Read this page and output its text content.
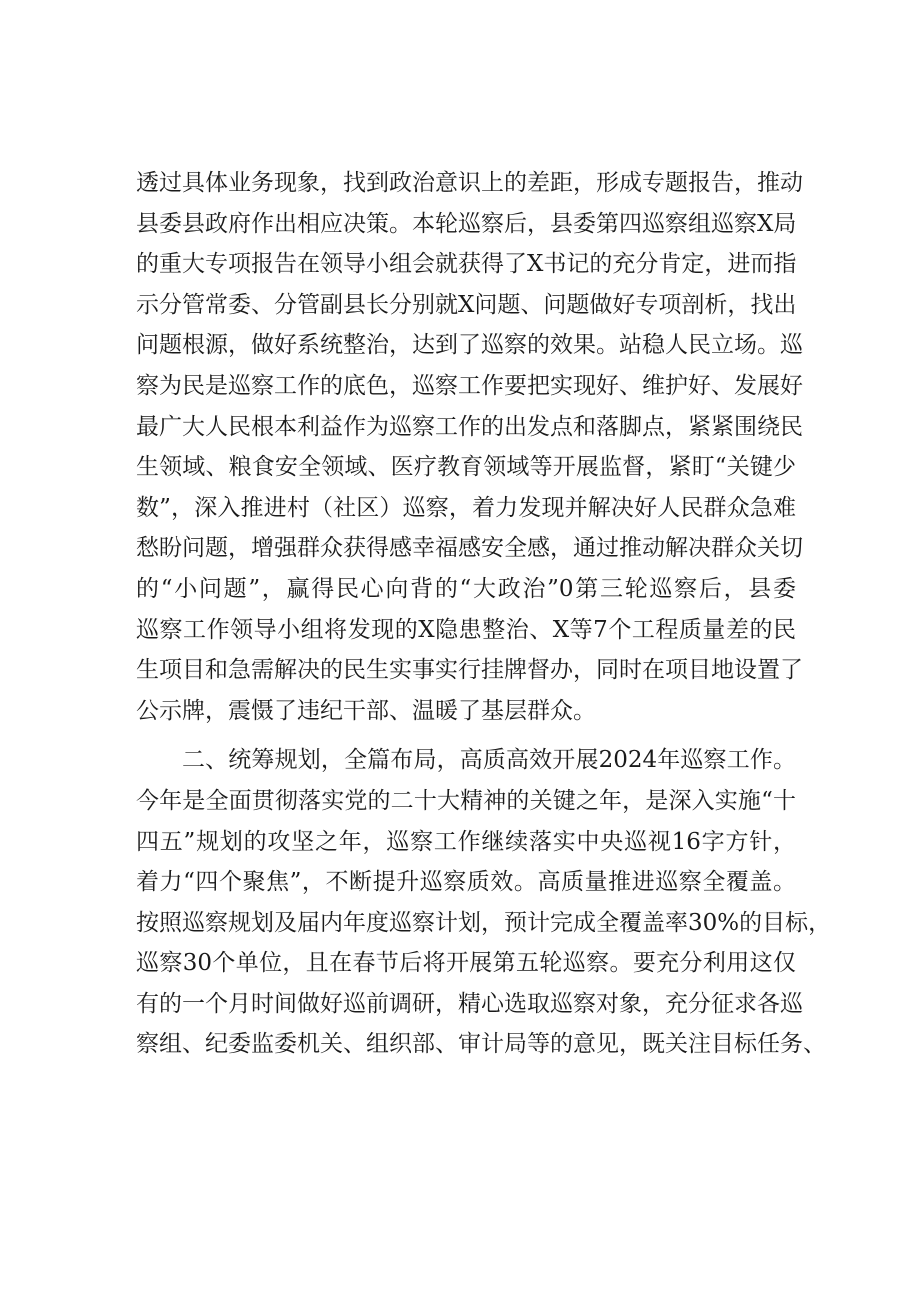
透过具体业务现象，找到政治意识上的差距，形成专题报告，推动
县委县政府作出相应决策。本轮巡察后，县委第四巡察组巡察X局
的重大专项报告在领导小组会就获得了X书记的充分肯定，进而指
示分管常委、分管副县长分别就X问题、问题做好专项剖析，找出
问题根源，做好系统整治，达到了巡察的效果。站稳人民立场。巡
察为民是巡察工作的底色，巡察工作要把实现好、维护好、发展好
最广大人民根本利益作为巡察工作的出发点和落脚点，紧紧围绕民
生领域、粮食安全领域、医疗教育领域等开展监督，紧盯“关键少
数”，深入推进村（社区）巡察，着力发现并解决好人民群众急难
愁盼问题，增强群众获得感幸福感安全感，通过推动解决群众关切
的“小问题”，赢得民心向背的“大政治”0第三轮巡察后，县委
巡察工作领导小组将发现的X隐患整治、X等7个工程质量差的民
生项目和急需解决的民生实事实行挂牌督办，同时在项目地设置了
公示牌，震慑了违纪干部、温暖了基层群众。
二、统筹规划，全篇布局，高质高效开展2024年巡察工作。
今年是全面贯彻落实党的二十大精神的关键之年，是深入实施“十
四五”规划的攻坚之年，巡察工作继续落实中央巡视16字方针，
着力“四个聚焦”，不断提升巡察质效。高质量推进巡察全覆盖。
按照巡察规划及届内年度巡察计划，预计完成全覆盖率30%的目标，
巡察30个单位，且在春节后将开展第五轮巡察。要充分利用这仅
有的一个月时间做好巡前调研，精心选取巡察对象，充分征求各巡
察组、纪委监委机关、组织部、审计局等的意见，既关注目标任务、
